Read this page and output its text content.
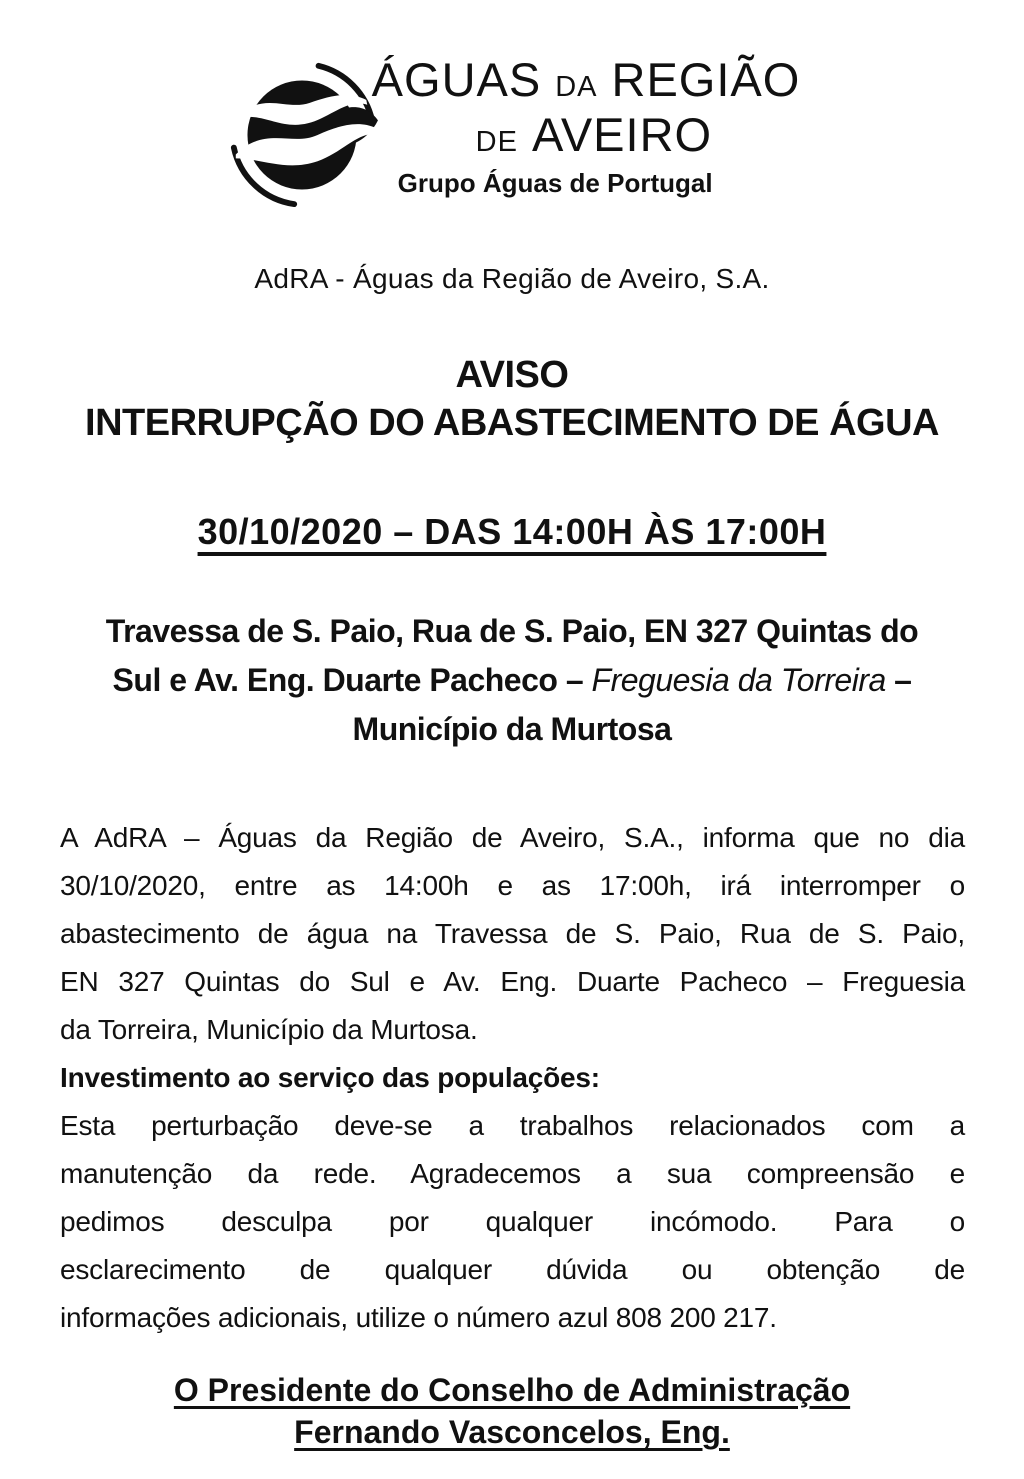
ÁGUAS DA REGIÃO
DE AVEIRO
Grupo Águas de Portugal
AdRA - Águas da Região de Aveiro, S.A.
AVISO
INTERRUPÇÃO DO ABASTECIMENTO DE ÁGUA
30/10/2020 – DAS 14:00H ÀS 17:00H
Travessa de S. Paio, Rua de S. Paio, EN 327 Quintas do
Sul e Av. Eng. Duarte Pacheco – Freguesia da Torreira –
Município da Murtosa
A AdRA – Águas da Região de Aveiro, S.A., informa que no dia
30/10/2020, entre as 14:00h e as 17:00h, irá interromper o
abastecimento de água na Travessa de S. Paio, Rua de S. Paio,
EN 327 Quintas do Sul e Av. Eng. Duarte Pacheco – Freguesia
da Torreira, Município da Murtosa.
Investimento ao serviço das populações:
Esta perturbação deve-se a trabalhos relacionados com a
manutenção da rede. Agradecemos a sua compreensão e
pedimos desculpa por qualquer incómodo. Para o
esclarecimento de qualquer dúvida ou obtenção de
informações adicionais, utilize o número azul 808 200 217.
O Presidente do Conselho de Administração
Fernando Vasconcelos, Eng.
